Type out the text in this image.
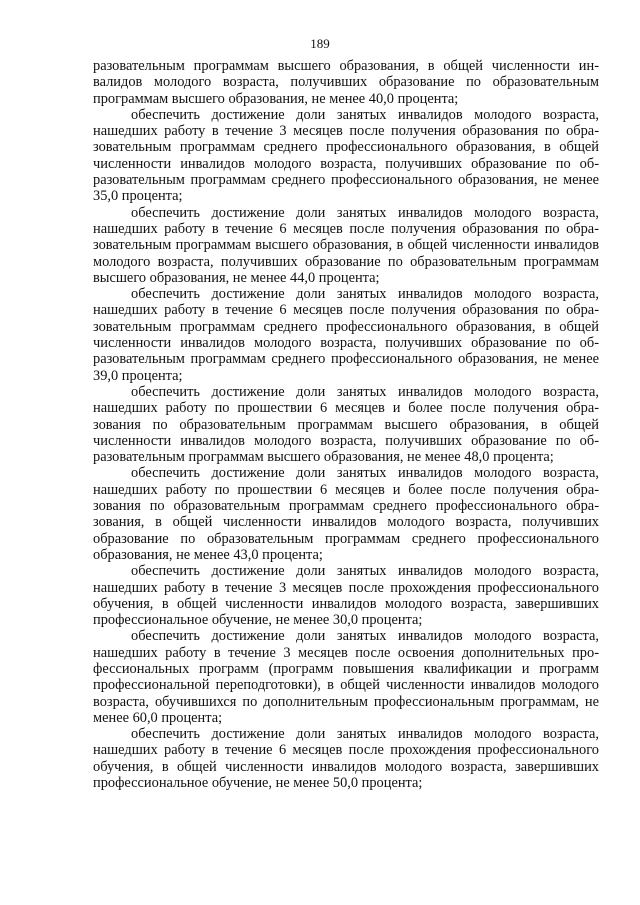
189

разовательным программам высшего образования, в общей численности инвалидов молодого возраста, получивших образование по образовательным программам высшего образования, не менее 40,0 процента;

обеспечить достижение доли занятых инвалидов молодого возраста, нашедших работу в течение 3 месяцев после получения образования по образовательным программам среднего профессионального образования, в общей численности инвалидов молодого возраста, получивших образование по образовательным программам среднего профессионального образования, не менее 35,0 процента;

обеспечить достижение доли занятых инвалидов молодого возраста, нашедших работу в течение 6 месяцев после получения образования по образовательным программам высшего образования, в общей численности инвалидов молодого возраста, получивших образование по образовательным программам высшего образования, не менее 44,0 процента;

обеспечить достижение доли занятых инвалидов молодого возраста, нашедших работу в течение 6 месяцев после получения образования по образовательным программам среднего профессионального образования, в общей численности инвалидов молодого возраста, получивших образование по образовательным программам среднего профессионального образования, не менее 39,0 процента;

обеспечить достижение доли занятых инвалидов молодого возраста, нашедших работу по прошествии 6 месяцев и более после получения образования по образовательным программам высшего образования, в общей численности инвалидов молодого возраста, получивших образование по образовательным программам высшего образования, не менее 48,0 процента;

обеспечить достижение доли занятых инвалидов молодого возраста, нашедших работу по прошествии 6 месяцев и более после получения образования по образовательным программам среднего профессионального образования, в общей численности инвалидов молодого возраста, получивших образование по образовательным программам среднего профессионального образования, не менее 43,0 процента;

обеспечить достижение доли занятых инвалидов молодого возраста, нашедших работу в течение 3 месяцев после прохождения профессионального обучения, в общей численности инвалидов молодого возраста, завершивших профессиональное обучение, не менее 30,0 процента;

обеспечить достижение доли занятых инвалидов молодого возраста, нашедших работу в течение 3 месяцев после освоения дополнительных профессиональных программ (программ повышения квалификации и программ профессиональной переподготовки), в общей численности инвалидов молодого возраста, обучившихся по дополнительным профессиональным программам, не менее 60,0 процента;

обеспечить достижение доли занятых инвалидов молодого возраста, нашедших работу в течение 6 месяцев после прохождения профессионального обучения, в общей численности инвалидов молодого возраста, завершивших профессиональное обучение, не менее 50,0 процента;
